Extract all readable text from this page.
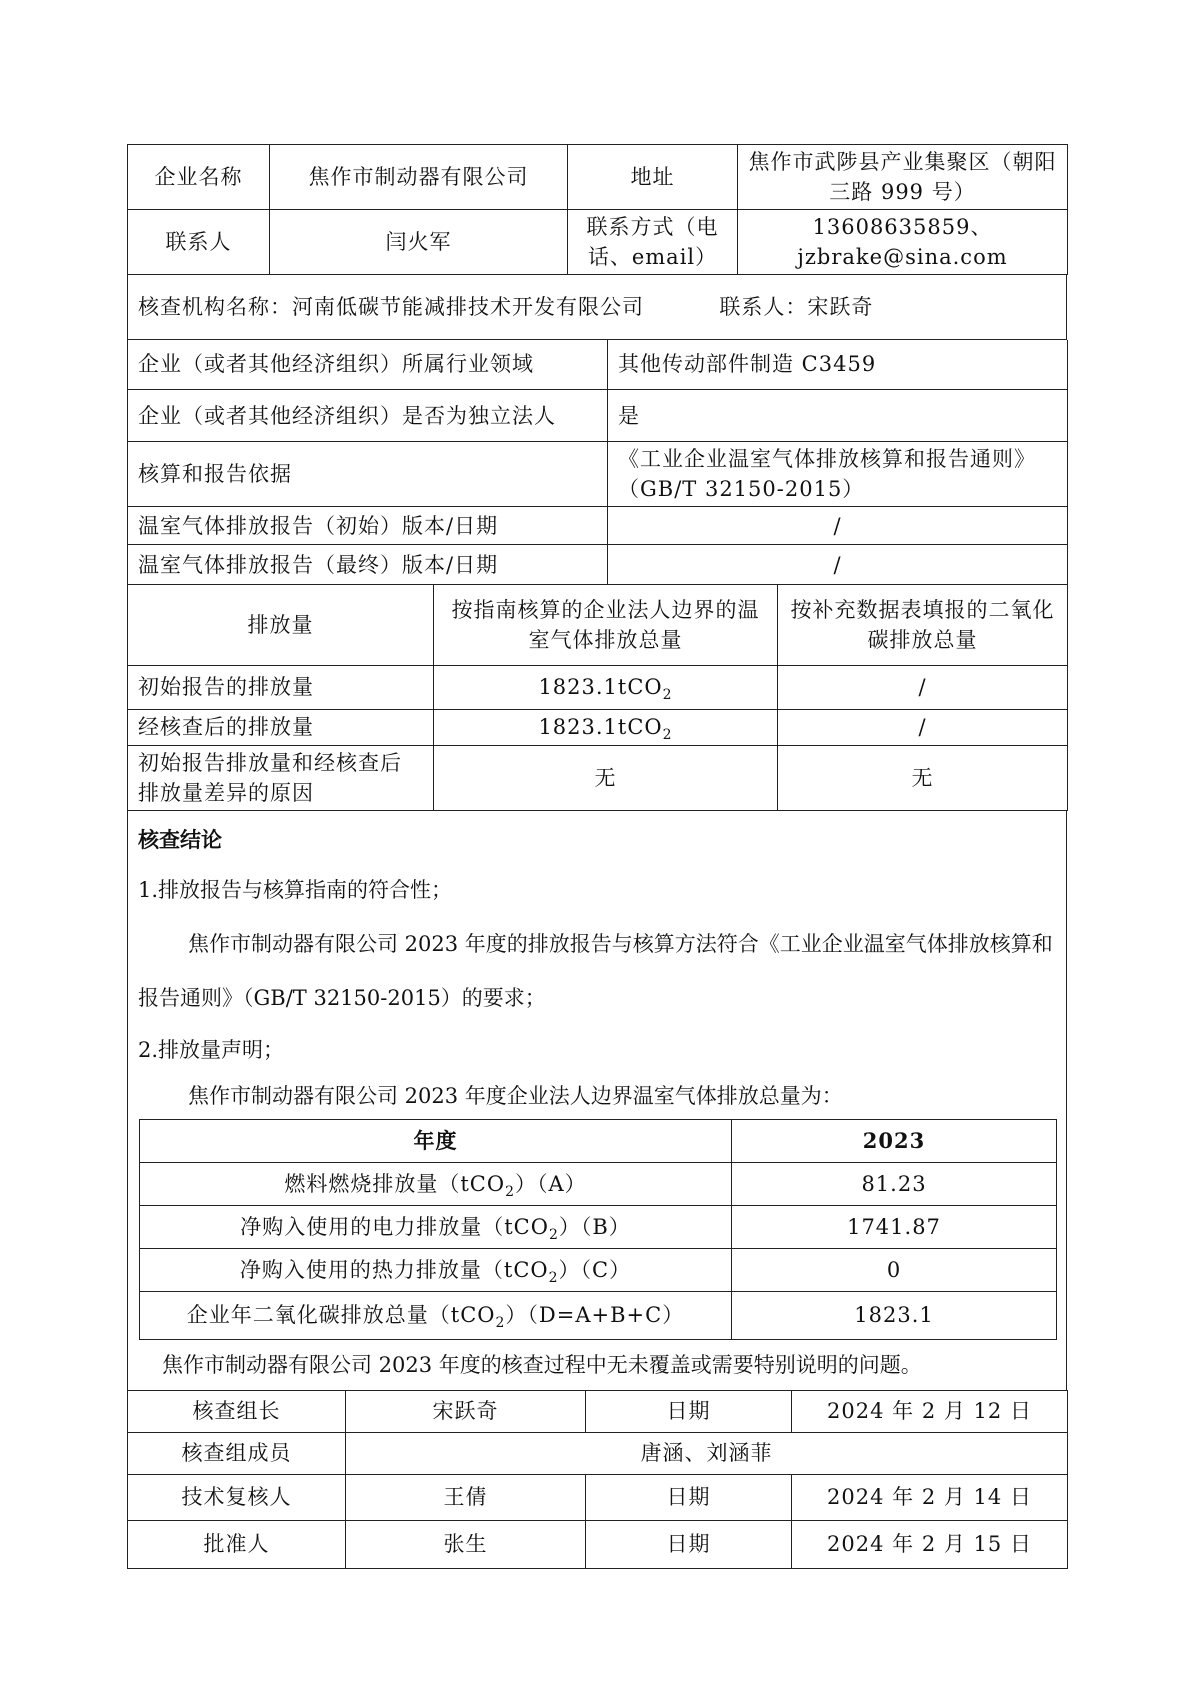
企业名称	焦作市制动器有限公司	地址	焦作市武陟县产业集聚区（朝阳三路 999 号）
联系人	闫火军	联系方式（电话、email）	13608635859、
jzbrake@sina.com
核查机构名称：河南低碳节能减排技术开发有限公司	联系人：宋跃奇
企业（或者其他经济组织）所属行业领域	其他传动部件制造 C3459
企业（或者其他经济组织）是否为独立法人	是
核算和报告依据	《工业企业温室气体排放核算和报告通则》（GB/T 32150-2015）
温室气体排放报告（初始）版本/日期	/
温室气体排放报告（最终）版本/日期	/
排放量	按指南核算的企业法人边界的温室气体排放总量	按补充数据表填报的二氧化碳排放总量
初始报告的排放量	1823.1tCO$_2$	/
经核查后的排放量	1823.1tCO$_2$	/
初始报告排放量和经核查后排放量差异的原因	无	无

核查结论

1.排放报告与核算指南的符合性；

焦作市制动器有限公司 2023 年度的排放报告与核算方法符合《工业企业温室气体排放核算和报告通则》（GB/T 32150-2015）的要求；

2.排放量声明；

焦作市制动器有限公司 2023 年度企业法人边界温室气体排放总量为：

年度	2023
燃料燃烧排放量（tCO$_2$）（A）	81.23
净购入使用的电力排放量（tCO$_2$）（B）	1741.87
净购入使用的热力排放量（tCO$_2$）（C）	0
企业年二氧化碳排放总量（tCO$_2$）（D=A+B+C）	1823.1

焦作市制动器有限公司 2023 年度的核查过程中无未覆盖或需要特别说明的问题。

核查组长	宋跃奇	日期	2024 年 2 月 12 日
核查组成员	唐涵、刘涵菲		
技术复核人	王倩	日期	2024 年 2 月 14 日
批准人	张生	日期	2024 年 2 月 15 日
